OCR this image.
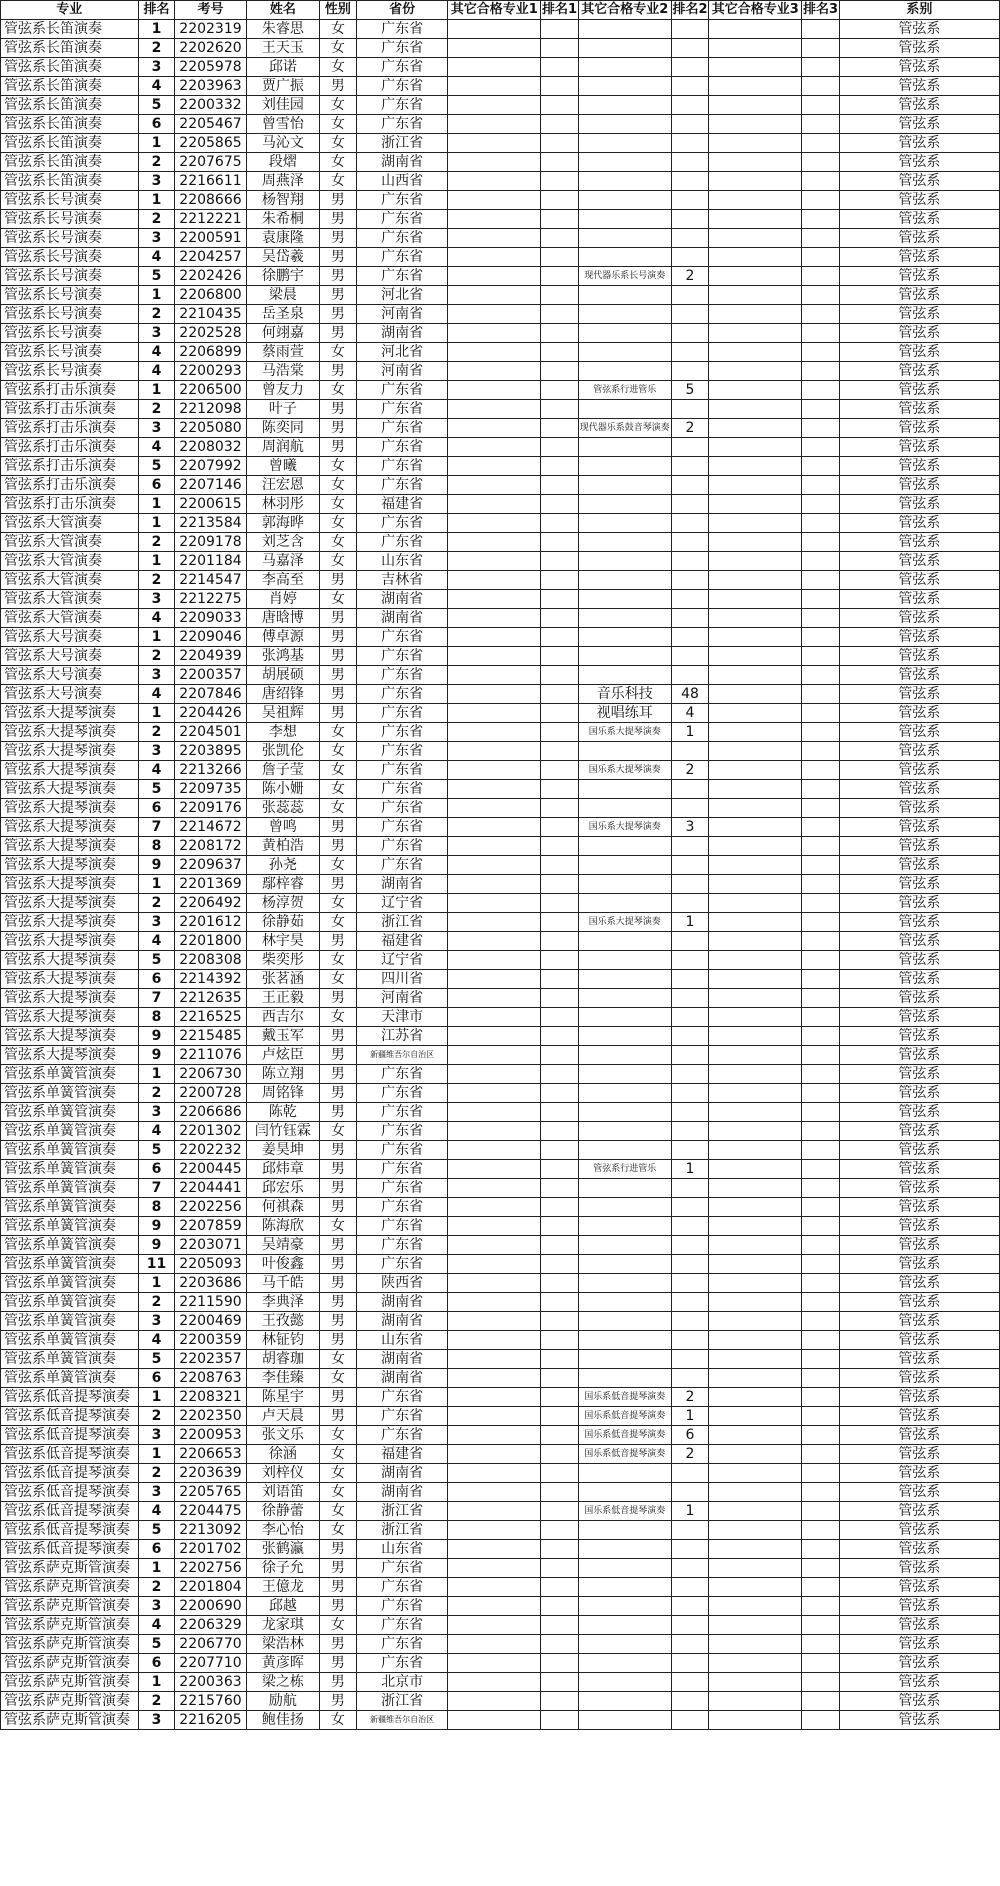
专业	排名	考号	姓名	性别	省份	其它合格专业1	排名1	其它合格专业2	排名2	其它合格专业3	排名3	系别
管弦系长笛演奏	1	2202319	朱睿思	女	广东省							管弦系
管弦系长笛演奏	2	2202620	王天玉	女	广东省							管弦系
管弦系长笛演奏	3	2205978	邱诺	女	广东省							管弦系
管弦系长笛演奏	4	2203963	贾广振	男	广东省							管弦系
管弦系长笛演奏	5	2200332	刘佳园	女	广东省							管弦系
管弦系长笛演奏	6	2205467	曾雪怡	女	广东省							管弦系
管弦系长笛演奏	1	2205865	马沁文	女	浙江省							管弦系
管弦系长笛演奏	2	2207675	段熠	女	湖南省							管弦系
管弦系长笛演奏	3	2216611	周燕泽	女	山西省							管弦系
管弦系长号演奏	1	2208666	杨智翔	男	广东省							管弦系
管弦系长号演奏	2	2212221	朱希桐	男	广东省							管弦系
管弦系长号演奏	3	2200591	袁康隆	男	广东省							管弦系
管弦系长号演奏	4	2204257	吴岱羲	男	广东省							管弦系
管弦系长号演奏	5	2202426	徐鹏宇	男	广东省			现代器乐系长号演奏	2			管弦系
管弦系长号演奏	1	2206800	梁晨	男	河北省							管弦系
管弦系长号演奏	2	2210435	岳圣泉	男	河南省							管弦系
管弦系长号演奏	3	2202528	何翊嘉	男	湖南省							管弦系
管弦系长号演奏	4	2206899	蔡雨萱	女	河北省							管弦系
管弦系长号演奏	4	2200293	马浩棠	男	河南省							管弦系
管弦系打击乐演奏	1	2206500	曾友力	女	广东省			管弦系行进管乐	5			管弦系
管弦系打击乐演奏	2	2212098	叶子	男	广东省							管弦系
管弦系打击乐演奏	3	2205080	陈奕同	男	广东省			现代器乐系鼓音琴演奏	2			管弦系
管弦系打击乐演奏	4	2208032	周润航	男	广东省							管弦系
管弦系打击乐演奏	5	2207992	曾曦	女	广东省							管弦系
管弦系打击乐演奏	6	2207146	汪宏恩	女	广东省							管弦系
管弦系打击乐演奏	1	2200615	林羽彤	女	福建省							管弦系
管弦系大管演奏	1	2213584	郭海晔	女	广东省							管弦系
管弦系大管演奏	2	2209178	刘芝含	女	广东省							管弦系
管弦系大管演奏	1	2201184	马嘉泽	女	山东省							管弦系
管弦系大管演奏	2	2214547	李高至	男	吉林省							管弦系
管弦系大管演奏	3	2212275	肖婷	女	湖南省							管弦系
管弦系大管演奏	4	2209033	唐晗博	男	湖南省							管弦系
管弦系大号演奏	1	2209046	傅卓源	男	广东省							管弦系
管弦系大号演奏	2	2204939	张鸿基	男	广东省							管弦系
管弦系大号演奏	3	2200357	胡展硕	男	广东省							管弦系
管弦系大号演奏	4	2207846	唐绍锋	男	广东省			音乐科技	48			管弦系
管弦系大提琴演奏	1	2204426	吴祖辉	男	广东省			视唱练耳	4			管弦系
管弦系大提琴演奏	2	2204501	李想	女	广东省			国乐系大提琴演奏	1			管弦系
管弦系大提琴演奏	3	2203895	张凯伦	女	广东省							管弦系
管弦系大提琴演奏	4	2213266	詹子莹	女	广东省			国乐系大提琴演奏	2			管弦系
管弦系大提琴演奏	5	2209735	陈小姗	女	广东省							管弦系
管弦系大提琴演奏	6	2209176	张蕊蕊	女	广东省							管弦系
管弦系大提琴演奏	7	2214672	曾鸣	男	广东省			国乐系大提琴演奏	3			管弦系
管弦系大提琴演奏	8	2208172	黄柏浩	男	广东省							管弦系
管弦系大提琴演奏	9	2209637	孙尧	女	广东省							管弦系
管弦系大提琴演奏	1	2201369	鄢梓睿	男	湖南省							管弦系
管弦系大提琴演奏	2	2206492	杨淳贺	女	辽宁省							管弦系
管弦系大提琴演奏	3	2201612	徐静茹	女	浙江省			国乐系大提琴演奏	1			管弦系
管弦系大提琴演奏	4	2201800	林宇昊	男	福建省							管弦系
管弦系大提琴演奏	5	2208308	柴奕彤	女	辽宁省							管弦系
管弦系大提琴演奏	6	2214392	张茗涵	女	四川省							管弦系
管弦系大提琴演奏	7	2212635	王正毅	男	河南省							管弦系
管弦系大提琴演奏	8	2216525	西吉尔	女	天津市							管弦系
管弦系大提琴演奏	9	2215485	戴玉军	男	江苏省							管弦系
管弦系大提琴演奏	9	2211076	卢炫臣	男	新疆维吾尔自治区							管弦系
管弦系单簧管演奏	1	2206730	陈立翔	男	广东省							管弦系
管弦系单簧管演奏	2	2200728	周铭锋	男	广东省							管弦系
管弦系单簧管演奏	3	2206686	陈乾	男	广东省							管弦系
管弦系单簧管演奏	4	2201302	闫竹钰霖	女	广东省							管弦系
管弦系单簧管演奏	5	2202232	姜昊坤	男	广东省							管弦系
管弦系单簧管演奏	6	2200445	邱炜章	男	广东省			管弦系行进管乐	1			管弦系
管弦系单簧管演奏	7	2204441	邱宏乐	男	广东省							管弦系
管弦系单簧管演奏	8	2202256	何祺森	男	广东省							管弦系
管弦系单簧管演奏	9	2207859	陈海欣	女	广东省							管弦系
管弦系单簧管演奏	9	2203071	吴靖豪	男	广东省							管弦系
管弦系单簧管演奏	11	2205093	叶俊鑫	男	广东省							管弦系
管弦系单簧管演奏	1	2203686	马千皓	男	陕西省							管弦系
管弦系单簧管演奏	2	2211590	李典泽	男	湖南省							管弦系
管弦系单簧管演奏	3	2200469	王孜懿	男	湖南省							管弦系
管弦系单簧管演奏	4	2200359	林钲钧	男	山东省							管弦系
管弦系单簧管演奏	5	2202357	胡睿珈	女	湖南省							管弦系
管弦系单簧管演奏	6	2208763	李佳臻	女	湖南省							管弦系
管弦系低音提琴演奏	1	2208321	陈星宇	男	广东省			国乐系低音提琴演奏	2			管弦系
管弦系低音提琴演奏	2	2202350	卢天晨	男	广东省			国乐系低音提琴演奏	1			管弦系
管弦系低音提琴演奏	3	2200953	张文乐	女	广东省			国乐系低音提琴演奏	6			管弦系
管弦系低音提琴演奏	1	2206653	徐涵	女	福建省			国乐系低音提琴演奏	2			管弦系
管弦系低音提琴演奏	2	2203639	刘梓仪	女	湖南省							管弦系
管弦系低音提琴演奏	3	2205765	刘语笛	女	湖南省							管弦系
管弦系低音提琴演奏	4	2204475	徐静蕾	女	浙江省			国乐系低音提琴演奏	1			管弦系
管弦系低音提琴演奏	5	2213092	李心怡	女	浙江省							管弦系
管弦系低音提琴演奏	6	2201702	张鹤瀛	男	山东省							管弦系
管弦系萨克斯管演奏	1	2202756	徐子允	男	广东省							管弦系
管弦系萨克斯管演奏	2	2201804	王億龙	男	广东省							管弦系
管弦系萨克斯管演奏	3	2200690	邱越	男	广东省							管弦系
管弦系萨克斯管演奏	4	2206329	龙家琪	女	广东省							管弦系
管弦系萨克斯管演奏	5	2206770	梁浩林	男	广东省							管弦系
管弦系萨克斯管演奏	6	2207710	黄彦晖	男	广东省							管弦系
管弦系萨克斯管演奏	1	2200363	梁之栋	男	北京市							管弦系
管弦系萨克斯管演奏	2	2215760	励航	男	浙江省							管弦系
管弦系萨克斯管演奏	3	2216205	鲍佳扬	女	新疆维吾尔自治区							管弦系
